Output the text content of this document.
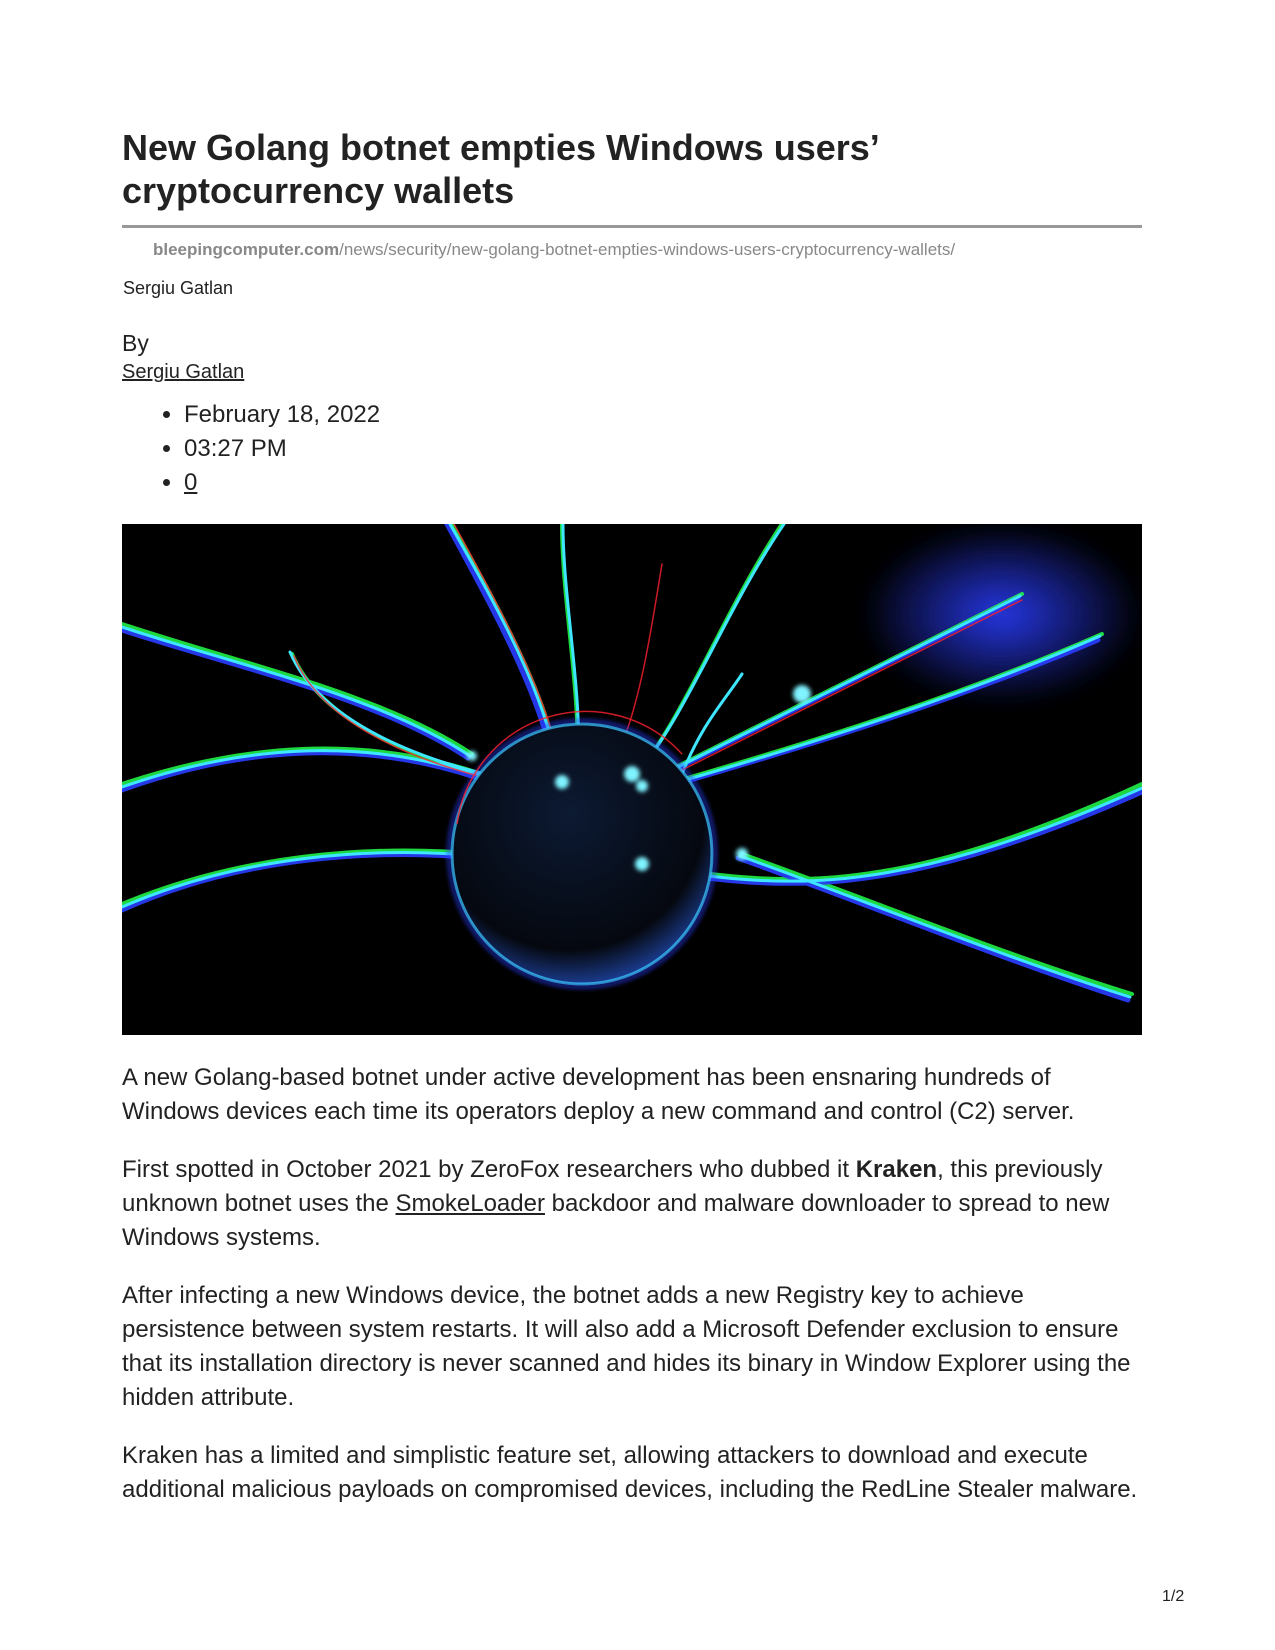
New Golang botnet empties Windows users’ cryptocurrency wallets
bleepingcomputer.com/news/security/new-golang-botnet-empties-windows-users-cryptocurrency-wallets/
Sergiu Gatlan
By
Sergiu Gatlan
• February 18, 2022
• 03:27 PM
• 0

A new Golang-based botnet under active development has been ensnaring hundreds of Windows devices each time its operators deploy a new command and control (C2) server.

First spotted in October 2021 by ZeroFox researchers who dubbed it Kraken, this previously unknown botnet uses the SmokeLoader backdoor and malware downloader to spread to new Windows systems.

After infecting a new Windows device, the botnet adds a new Registry key to achieve persistence between system restarts. It will also add a Microsoft Defender exclusion to ensure that its installation directory is never scanned and hides its binary in Window Explorer using the hidden attribute.

Kraken has a limited and simplistic feature set, allowing attackers to download and execute additional malicious payloads on compromised devices, including the RedLine Stealer malware.

1/2
